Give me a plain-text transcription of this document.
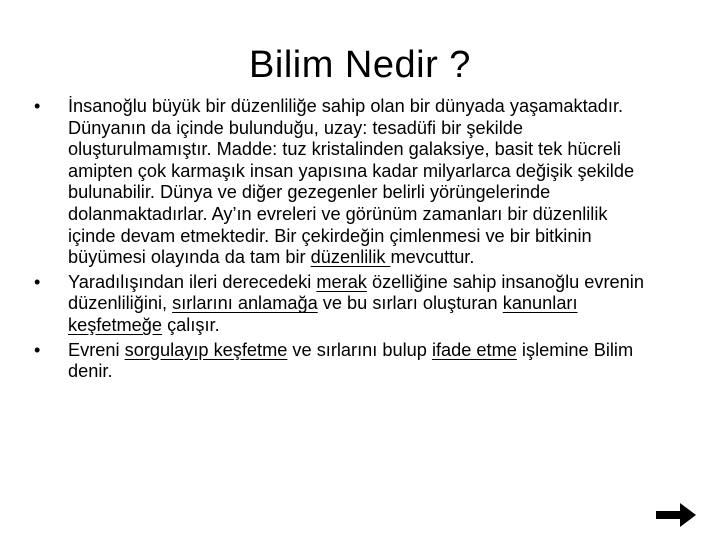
Bilim Nedir ?
•	İnsanoğlu büyük bir düzenliliğe sahip olan bir dünyada yaşamaktadır. Dünyanın da içinde bulunduğu, uzay: tesadüfi bir şekilde oluşturulmamıştır. Madde: tuz kristalinden galaksiye, basit tek hücreli amipten çok karmaşık insan yapısına kadar milyarlarca değişik şekilde bulunabilir. Dünya ve diğer gezegenler belirli yörüngelerinde dolanmaktadırlar. Ay’ın evreleri ve görünüm zamanları bir düzenlilik içinde devam etmektedir. Bir çekirdeğin çimlenmesi ve bir bitkinin büyümesi olayında da tam bir düzenlilik mevcuttur.
•	Yaradılışından ileri derecedeki merak özelliğine sahip insanoğlu evrenin düzenliliğini, sırlarını anlamağa ve bu sırları oluşturan kanunları keşfetmeğe çalışır.
•	Evreni sorgulayıp keşfetme ve sırlarını bulup ifade etme işlemine Bilim denir.
